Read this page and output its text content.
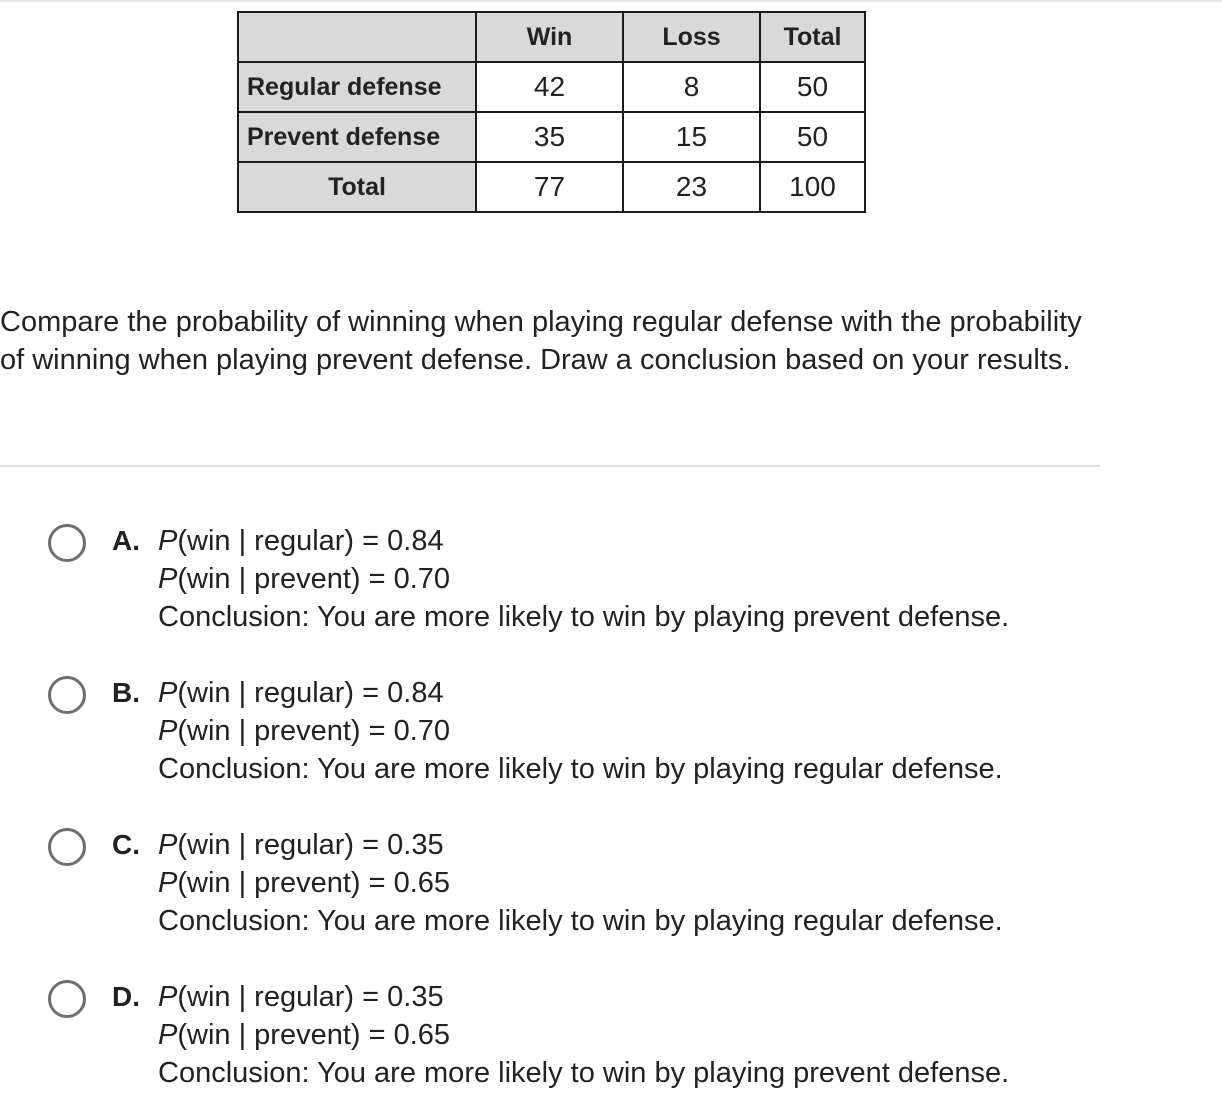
	Win	Loss	Total
Regular defense	42	8	50
Prevent defense	35	15	50
Total	77	23	100

Compare the probability of winning when playing regular defense with the probability of winning when playing prevent defense. Draw a conclusion based on your results.

A. P(win | regular) = 0.84
P(win | prevent) = 0.70
Conclusion: You are more likely to win by playing prevent defense.
B. P(win | regular) = 0.84
P(win | prevent) = 0.70
Conclusion: You are more likely to win by playing regular defense.
C. P(win | regular) = 0.35
P(win | prevent) = 0.65
Conclusion: You are more likely to win by playing regular defense.
D. P(win | regular) = 0.35
P(win | prevent) = 0.65
Conclusion: You are more likely to win by playing prevent defense.
